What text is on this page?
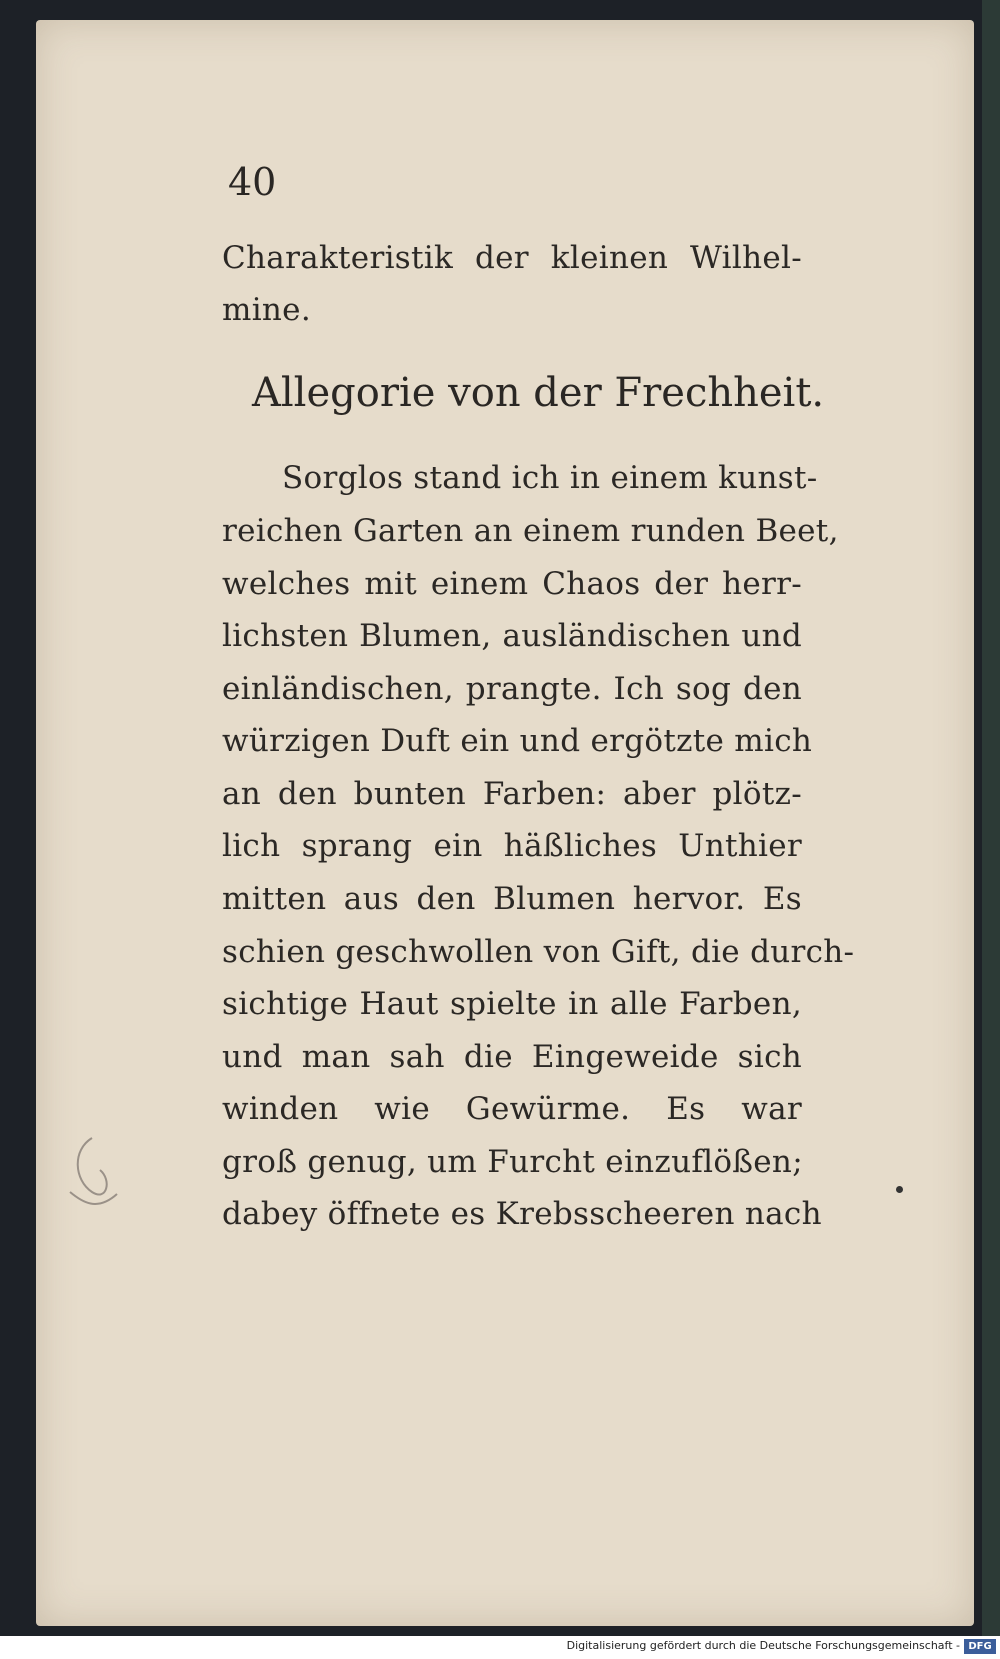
40
Charakteristik der kleinen Wilhel-
mine.
Allegorie von der Frechheit.
Sorglos stand ich in einem kunst-
reichen Garten an einem runden Beet,
welches mit einem Chaos der herr-
lichsten Blumen, ausländischen und
einländischen, prangte. Ich sog den
würzigen Duft ein und ergötzte mich
an den bunten Farben: aber plötz-
lich sprang ein häßliches Unthier
mitten aus den Blumen hervor. Es
schien geschwollen von Gift, die durch-
sichtige Haut spielte in alle Farben,
und man sah die Eingeweide sich
winden wie Gewürme. Es war
groß genug, um Furcht einzuflößen;
dabey öffnete es Krebsscheeren nach
Digitalisierung gefördert durch die Deutsche Forschungsgemeinschaft - DFG
